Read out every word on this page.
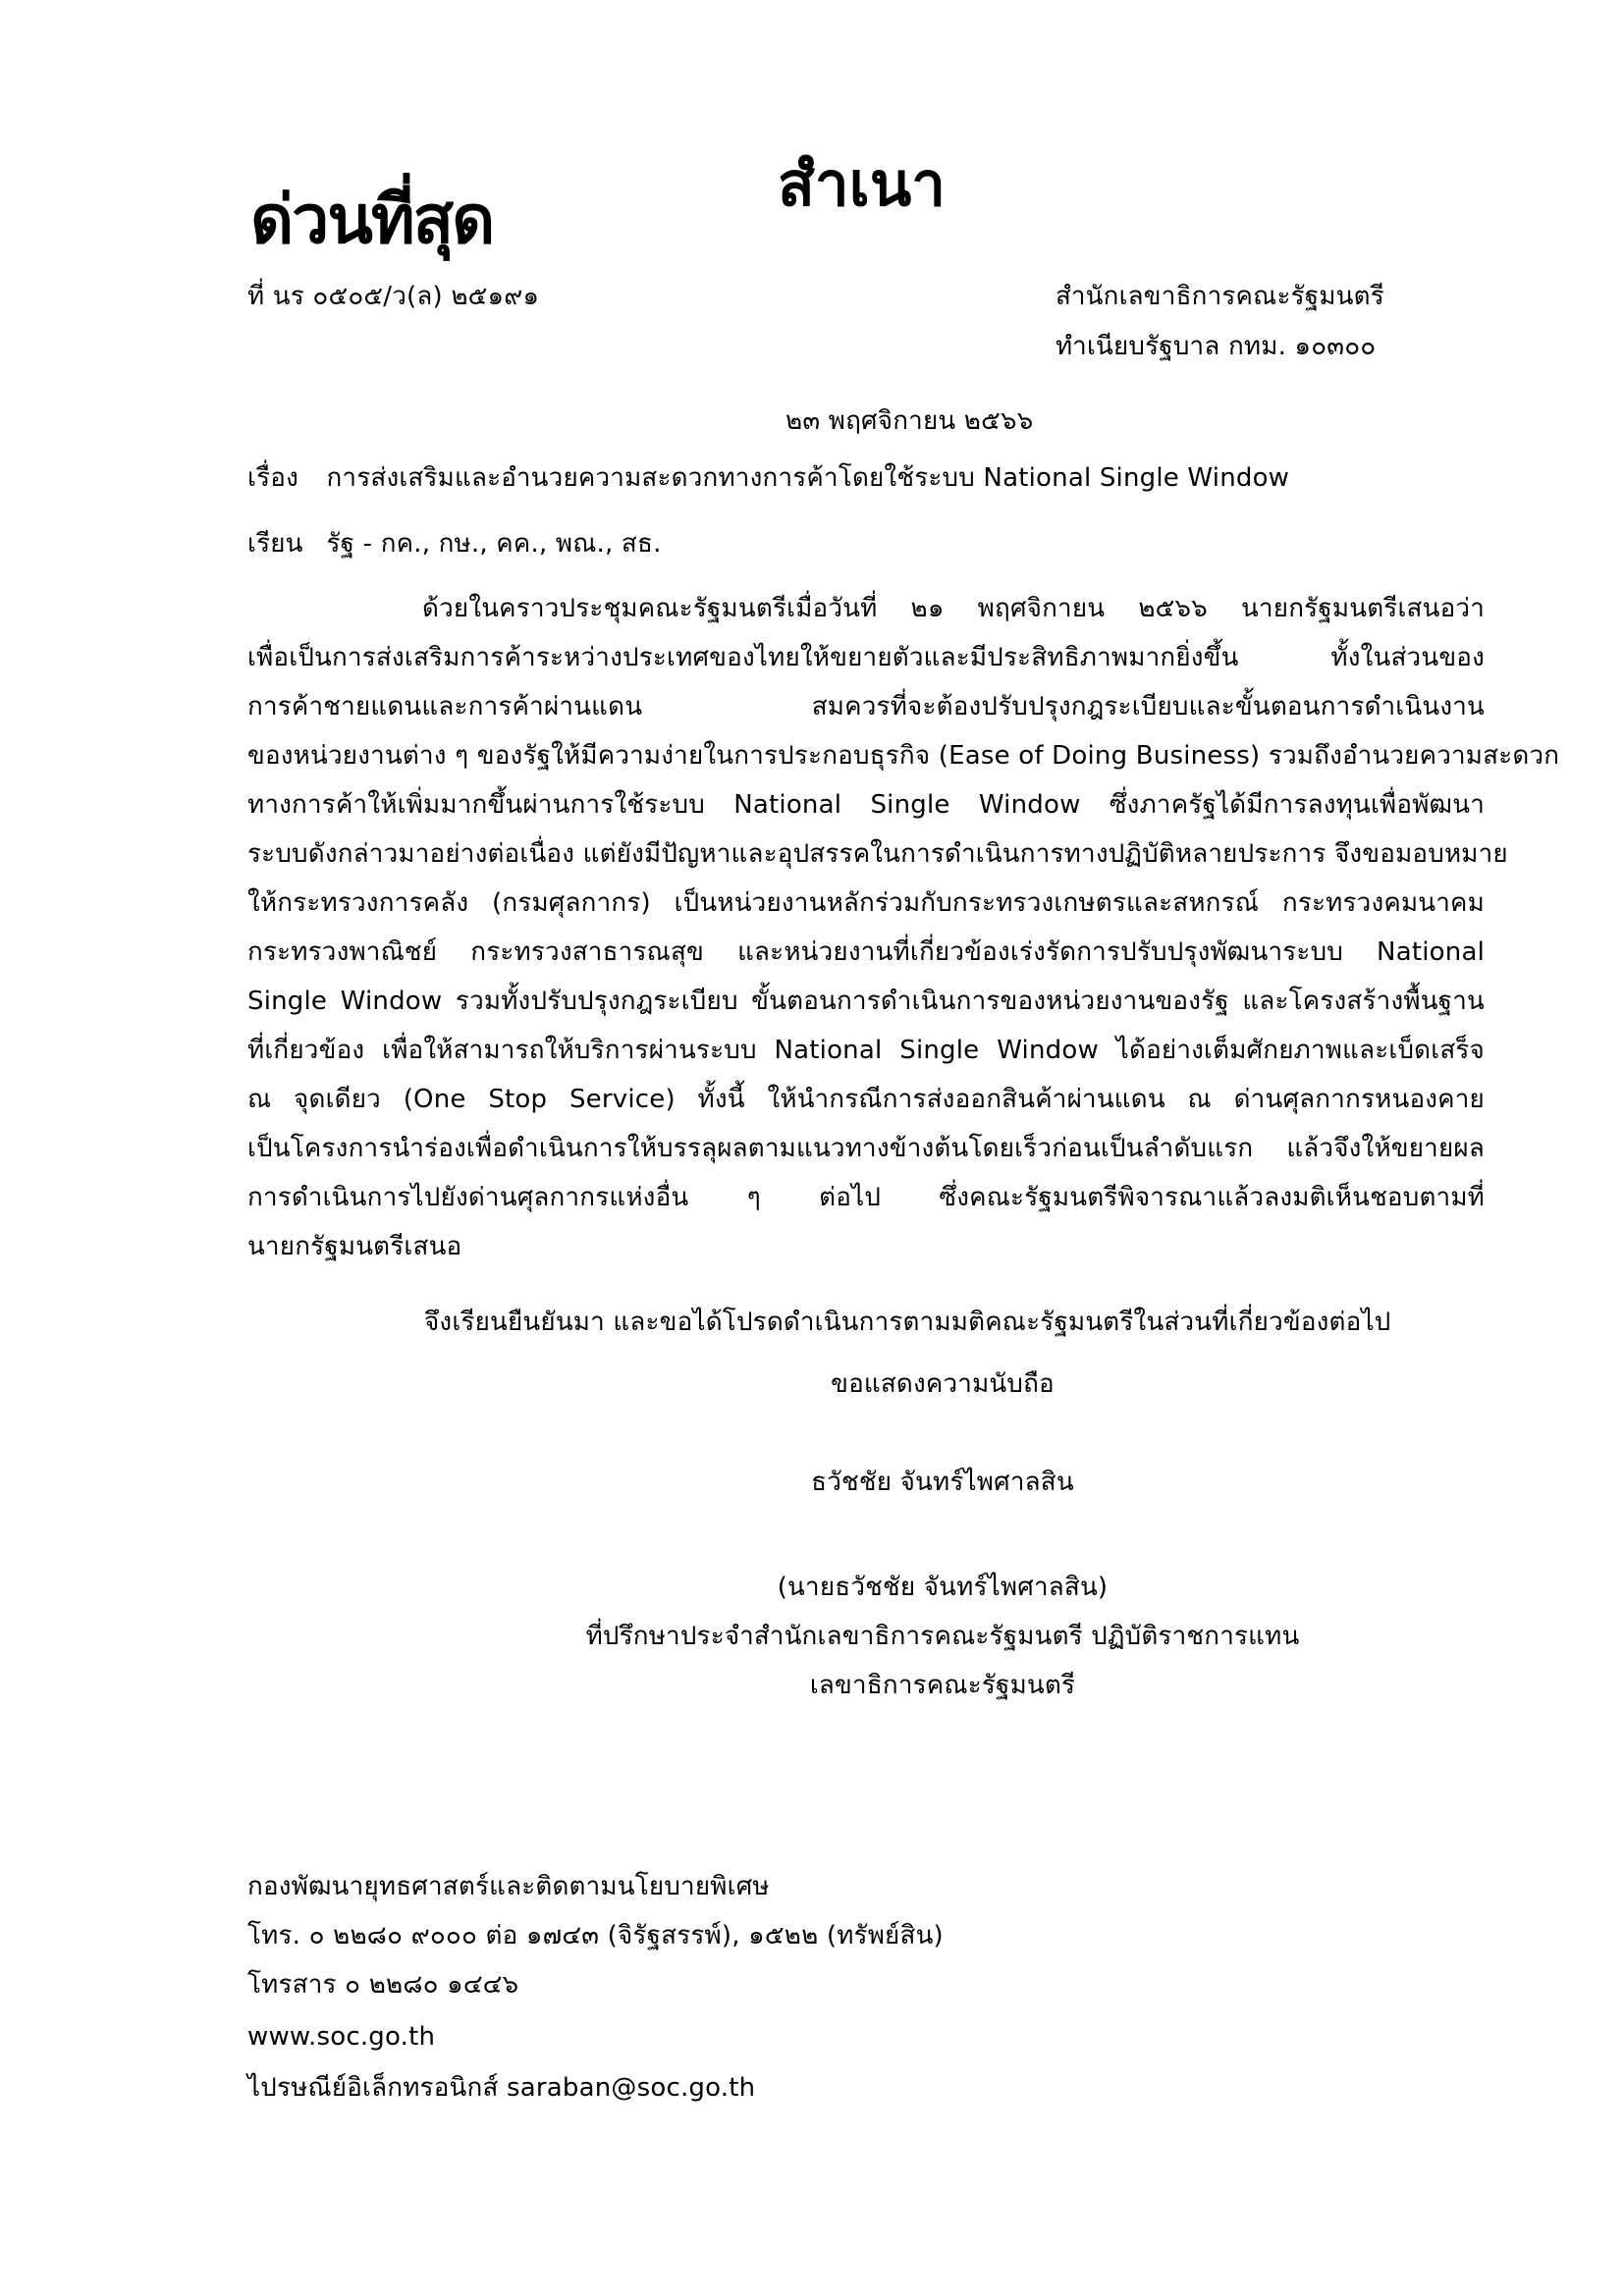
ด่วนที่สุด	สำเนา
ที่ นร ๐๕๐๕/ว(ล) ๒๕๑๙๑	สำนักเลขาธิการคณะรัฐมนตรี
ทำเนียบรัฐบาล กทม. ๑๐๓๐๐
๒๓ พฤศจิกายน ๒๕๖๖
เรื่อง การส่งเสริมและอำนวยความสะดวกทางการค้าโดยใช้ระบบ National Single Window
เรียน รัฐ - กค., กษ., คค., พณ., สธ.
ด้วยในคราวประชุมคณะรัฐมนตรีเมื่อวันที่ ๒๑ พฤศจิกายน ๒๕๖๖ นายกรัฐมนตรีเสนอว่า
เพื่อเป็นการส่งเสริมการค้าระหว่างประเทศของไทยให้ขยายตัวและมีประสิทธิภาพมากยิ่งขึ้น ทั้งในส่วนของ
การค้าชายแดนและการค้าผ่านแดน สมควรที่จะต้องปรับปรุงกฎระเบียบและขั้นตอนการดำเนินงาน
ของหน่วยงานต่าง ๆ ของรัฐให้มีความง่ายในการประกอบธุรกิจ (Ease of Doing Business) รวมถึงอำนวยความสะดวก
ทางการค้าให้เพิ่มมากขึ้นผ่านการใช้ระบบ National Single Window ซึ่งภาครัฐได้มีการลงทุนเพื่อพัฒนา
ระบบดังกล่าวมาอย่างต่อเนื่อง แต่ยังมีปัญหาและอุปสรรคในการดำเนินการทางปฏิบัติหลายประการ จึงขอมอบหมาย
ให้กระทรวงการคลัง (กรมศุลกากร) เป็นหน่วยงานหลักร่วมกับกระทรวงเกษตรและสหกรณ์ กระทรวงคมนาคม
กระทรวงพาณิชย์ กระทรวงสาธารณสุข และหน่วยงานที่เกี่ยวข้องเร่งรัดการปรับปรุงพัฒนาระบบ National
Single Window รวมทั้งปรับปรุงกฎระเบียบ ขั้นตอนการดำเนินการของหน่วยงานของรัฐ และโครงสร้างพื้นฐาน
ที่เกี่ยวข้อง เพื่อให้สามารถให้บริการผ่านระบบ National Single Window ได้อย่างเต็มศักยภาพและเบ็ดเสร็จ
ณ จุดเดียว (One Stop Service) ทั้งนี้ ให้นำกรณีการส่งออกสินค้าผ่านแดน ณ ด่านศุลกากรหนองคาย
เป็นโครงการนำร่องเพื่อดำเนินการให้บรรลุผลตามแนวทางข้างต้นโดยเร็วก่อนเป็นลำดับแรก แล้วจึงให้ขยายผล
การดำเนินการไปยังด่านศุลกากรแห่งอื่น ๆ ต่อไป ซึ่งคณะรัฐมนตรีพิจารณาแล้วลงมติเห็นชอบตามที่
นายกรัฐมนตรีเสนอ
จึงเรียนยืนยันมา และขอได้โปรดดำเนินการตามมติคณะรัฐมนตรีในส่วนที่เกี่ยวข้องต่อไป
ขอแสดงความนับถือ
ธวัชชัย จันทร์ไพศาลสิน
(นายธวัชชัย จันทร์ไพศาลสิน)
ที่ปรึกษาประจำสำนักเลขาธิการคณะรัฐมนตรี ปฏิบัติราชการแทน
เลขาธิการคณะรัฐมนตรี
กองพัฒนายุทธศาสตร์และติดตามนโยบายพิเศษ
โทร. ๐ ๒๒๘๐ ๙๐๐๐ ต่อ ๑๗๔๓ (จิรัฐสรรพ์), ๑๕๒๒ (ทรัพย์สิน)
โทรสาร ๐ ๒๒๘๐ ๑๔๔๖
www.soc.go.th
ไปรษณีย์อิเล็กทรอนิกส์ saraban@soc.go.th
